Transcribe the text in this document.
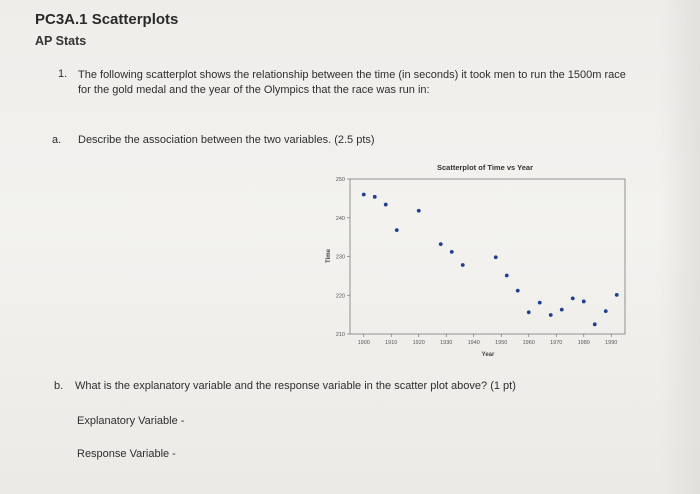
PC3A.1 Scatterplots
AP Stats
1. The following scatterplot shows the relationship between the time (in seconds) it took men to run the 1500m race for the gold medal and the year of the Olympics that the race was run in:
a. Describe the association between the two variables. (2.5 pts)
Scatterplot of Time vs Year
210
220
230
240
250
1900	1910	1920	1930	1940	1950	1960	1970	1980	1990
Year
Time
b. What is the explanatory variable and the response variable in the scatter plot above? (1 pt)
Explanatory Variable -
Response Variable -
